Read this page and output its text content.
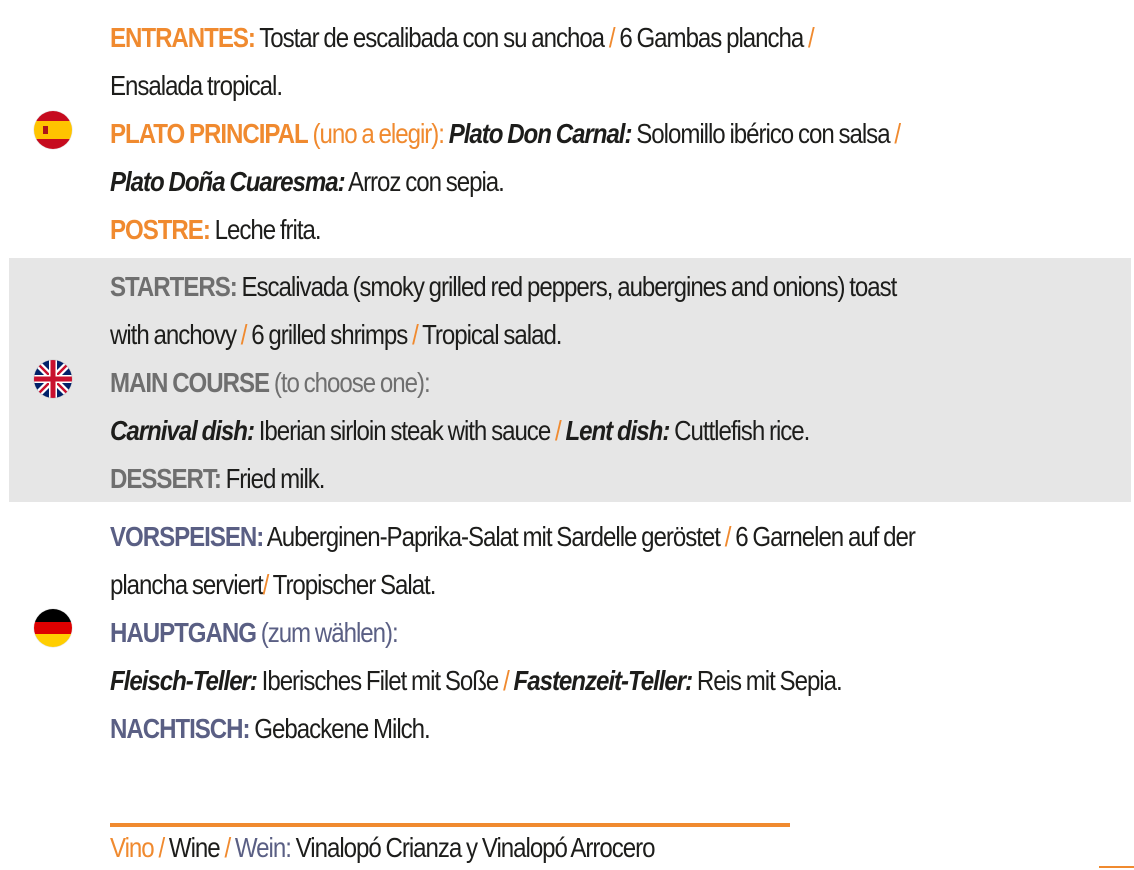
ENTRANTES: Tostar de escalibada con su anchoa / 6 Gambas plancha /
Ensalada tropical.
PLATO PRINCIPAL (uno a elegir): Plato Don Carnal: Solomillo ibérico con salsa /
Plato Doña Cuaresma: Arroz con sepia.
POSTRE: Leche frita.
STARTERS: Escalivada (smoky grilled red peppers, aubergines and onions) toast
with anchovy / 6 grilled shrimps / Tropical salad.
MAIN COURSE (to choose one):
Carnival dish: Iberian sirloin steak with sauce / Lent dish: Cuttlefish rice.
DESSERT: Fried milk.
VORSPEISEN: Auberginen-Paprika-Salat mit Sardelle geröstet / 6 Garnelen auf der
plancha serviert/ Tropischer Salat.
HAUPTGANG (zum wählen):
Fleisch-Teller: Iberisches Filet mit Soße / Fastenzeit-Teller: Reis mit Sepia.
NACHTISCH: Gebackene Milch.
Vino / Wine / Wein: Vinalopó Crianza y Vinalopó Arrocero
